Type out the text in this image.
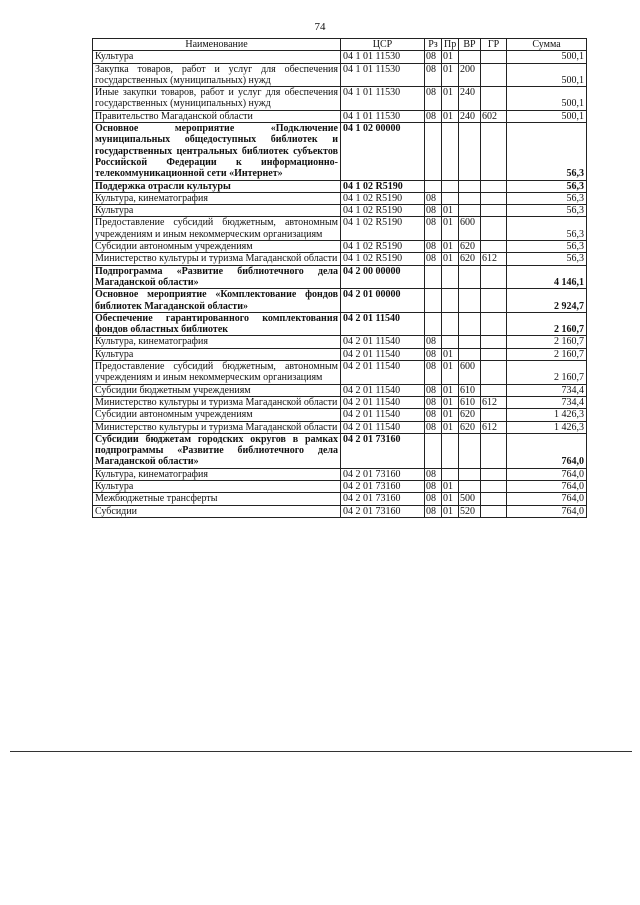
74
Наименование	ЦСР	Рз	Пр	ВР	ГР	Сумма
Культура	04 1 01 11530	08	01			500,1
Закупка товаров, работ и услуг для обеспечения государственных (муниципальных) нужд	04 1 01 11530	08	01	200		500,1
Иные закупки товаров, работ и услуг для обеспечения государственных (муниципальных) нужд	04 1 01 11530	08	01	240		500,1
Правительство Магаданской области	04 1 01 11530	08	01	240	602	500,1
Основное мероприятие «Подключение муниципальных общедоступных библиотек и государственных центральных библиотек субъектов Российской Федерации к информационно-телекоммуникационной сети «Интернет»	04 1 02 00000					56,3
Поддержка отрасли культуры	04 1 02 R5190					56,3
Культура, кинематография	04 1 02 R5190	08				56,3
Культура	04 1 02 R5190	08	01			56,3
Предоставление субсидий бюджетным, автономным учреждениям и иным некоммерческим организациям	04 1 02 R5190	08	01	600		56,3
Субсидии автономным учреждениям	04 1 02 R5190	08	01	620		56,3
Министерство культуры и туризма Магаданской области	04 1 02 R5190	08	01	620	612	56,3
Подпрограмма «Развитие библиотечного дела Магаданской области»	04 2 00 00000					4 146,1
Основное мероприятие «Комплектование фондов библиотек Магаданской области»	04 2 01 00000					2 924,7
Обеспечение гарантированного комплектования фондов областных библиотек	04 2 01 11540					2 160,7
Культура, кинематография	04 2 01 11540	08				2 160,7
Культура	04 2 01 11540	08	01			2 160,7
Предоставление субсидий бюджетным, автономным учреждениям и иным некоммерческим организациям	04 2 01 11540	08	01	600		2 160,7
Субсидии бюджетным учреждениям	04 2 01 11540	08	01	610		734,4
Министерство культуры и туризма Магаданской области	04 2 01 11540	08	01	610	612	734,4
Субсидии автономным учреждениям	04 2 01 11540	08	01	620		1 426,3
Министерство культуры и туризма Магаданской области	04 2 01 11540	08	01	620	612	1 426,3
Субсидии бюджетам городских округов в рамках подпрограммы «Развитие библиотечного дела Магаданской области»	04 2 01 73160					764,0
Культура, кинематография	04 2 01 73160	08				764,0
Культура	04 2 01 73160	08	01			764,0
Межбюджетные трансферты	04 2 01 73160	08	01	500		764,0
Субсидии	04 2 01 73160	08	01	520		764,0
